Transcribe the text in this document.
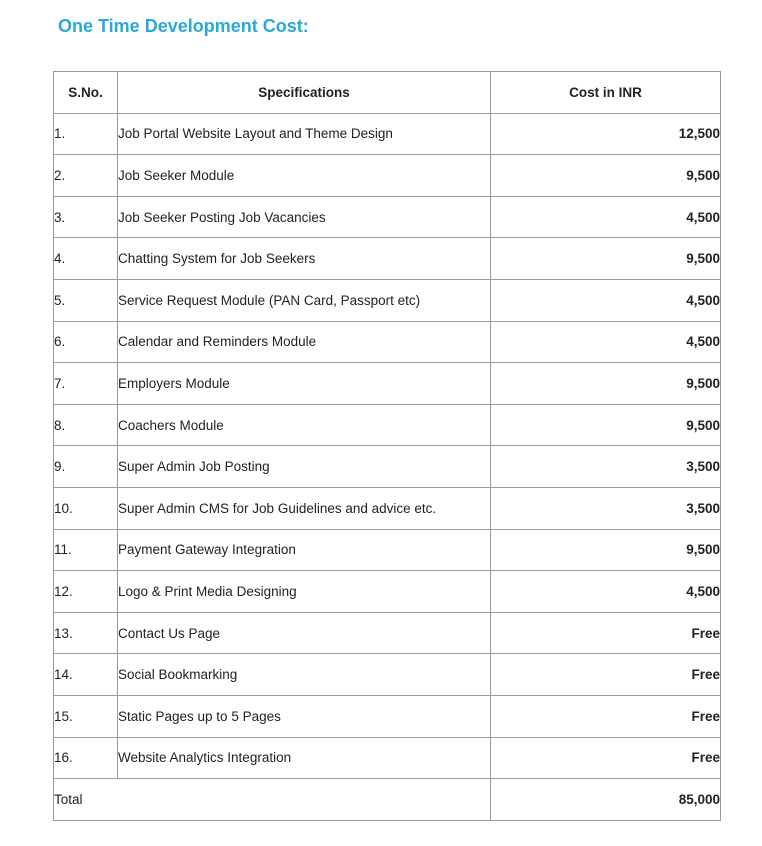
One Time Development Cost:
S.No.	Specifications	Cost in INR
1.	Job Portal Website Layout and Theme Design	12,500
2.	Job Seeker Module	9,500
3.	Job Seeker Posting Job Vacancies	4,500
4.	Chatting System for Job Seekers	9,500
5.	Service Request Module (PAN Card, Passport etc)	4,500
6.	Calendar and Reminders Module	4,500
7.	Employers Module	9,500
8.	Coachers Module	9,500
9.	Super Admin Job Posting	3,500
10.	Super Admin CMS for Job Guidelines and advice etc.	3,500
11.	Payment Gateway Integration	9,500
12.	Logo & Print Media Designing	4,500
13.	Contact Us Page	Free
14.	Social Bookmarking	Free
15.	Static Pages up to 5 Pages	Free
16.	Website Analytics Integration	Free
Total		85,000
